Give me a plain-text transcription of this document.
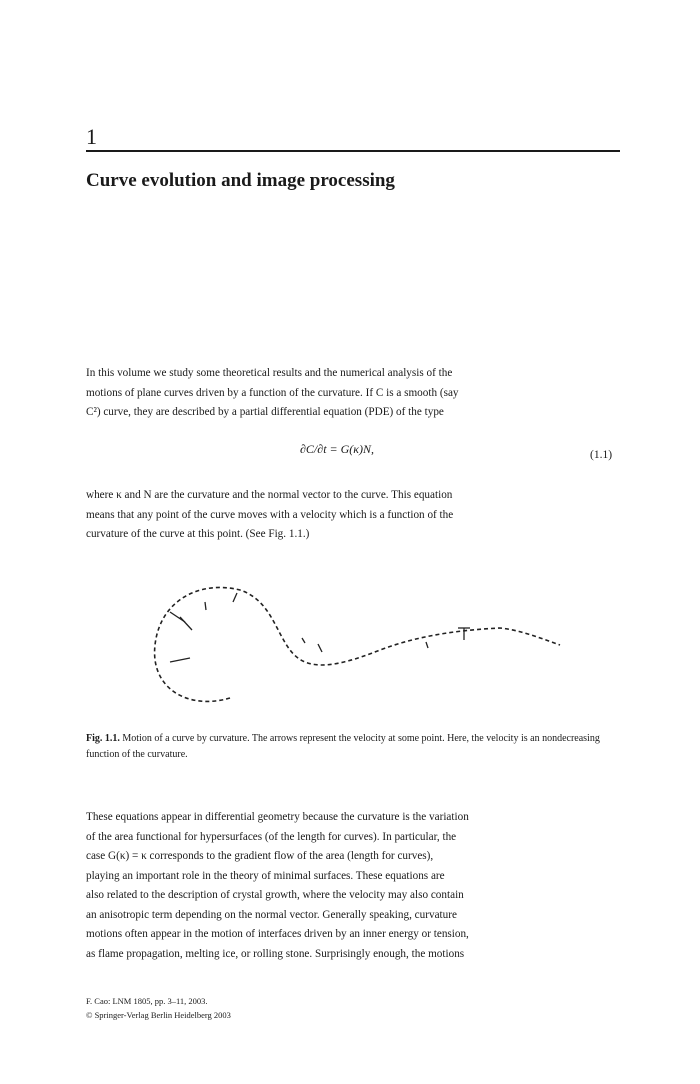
1
Curve evolution and image processing

In this volume we study some theoretical results and the numerical analysis of the

motions of plane curves driven by a function of the curvature. If C is a smooth (say

C²) curve, they are described by a partial differential equation (PDE) of the type

∂C/∂t = G(κ)N,	(1.1)

where κ and N are the curvature and the normal vector to the curve. This equation

means that any point of the curve moves with a velocity which is a function of the

curvature of the curve at this point. (See Fig. 1.1.)

Fig. 1.1. Motion of a curve by curvature. The arrows represent the velocity at some point. Here, the velocity is an nondecreasing function of the curvature.

These equations appear in differential geometry because the curvature is the variation

of the area functional for hypersurfaces (of the length for curves). In particular, the

case G(κ) = κ corresponds to the gradient flow of the area (length for curves),

playing an important role in the theory of minimal surfaces. These equations are

also related to the description of crystal growth, where the velocity may also contain

an anisotropic term depending on the normal vector. Generally speaking, curvature

motions often appear in the motion of interfaces driven by an inner energy or tension,

as flame propagation, melting ice, or rolling stone. Surprisingly enough, the motions

F. Cao: LNM 1805, pp. 3–11, 2003.
© Springer-Verlag Berlin Heidelberg 2003
